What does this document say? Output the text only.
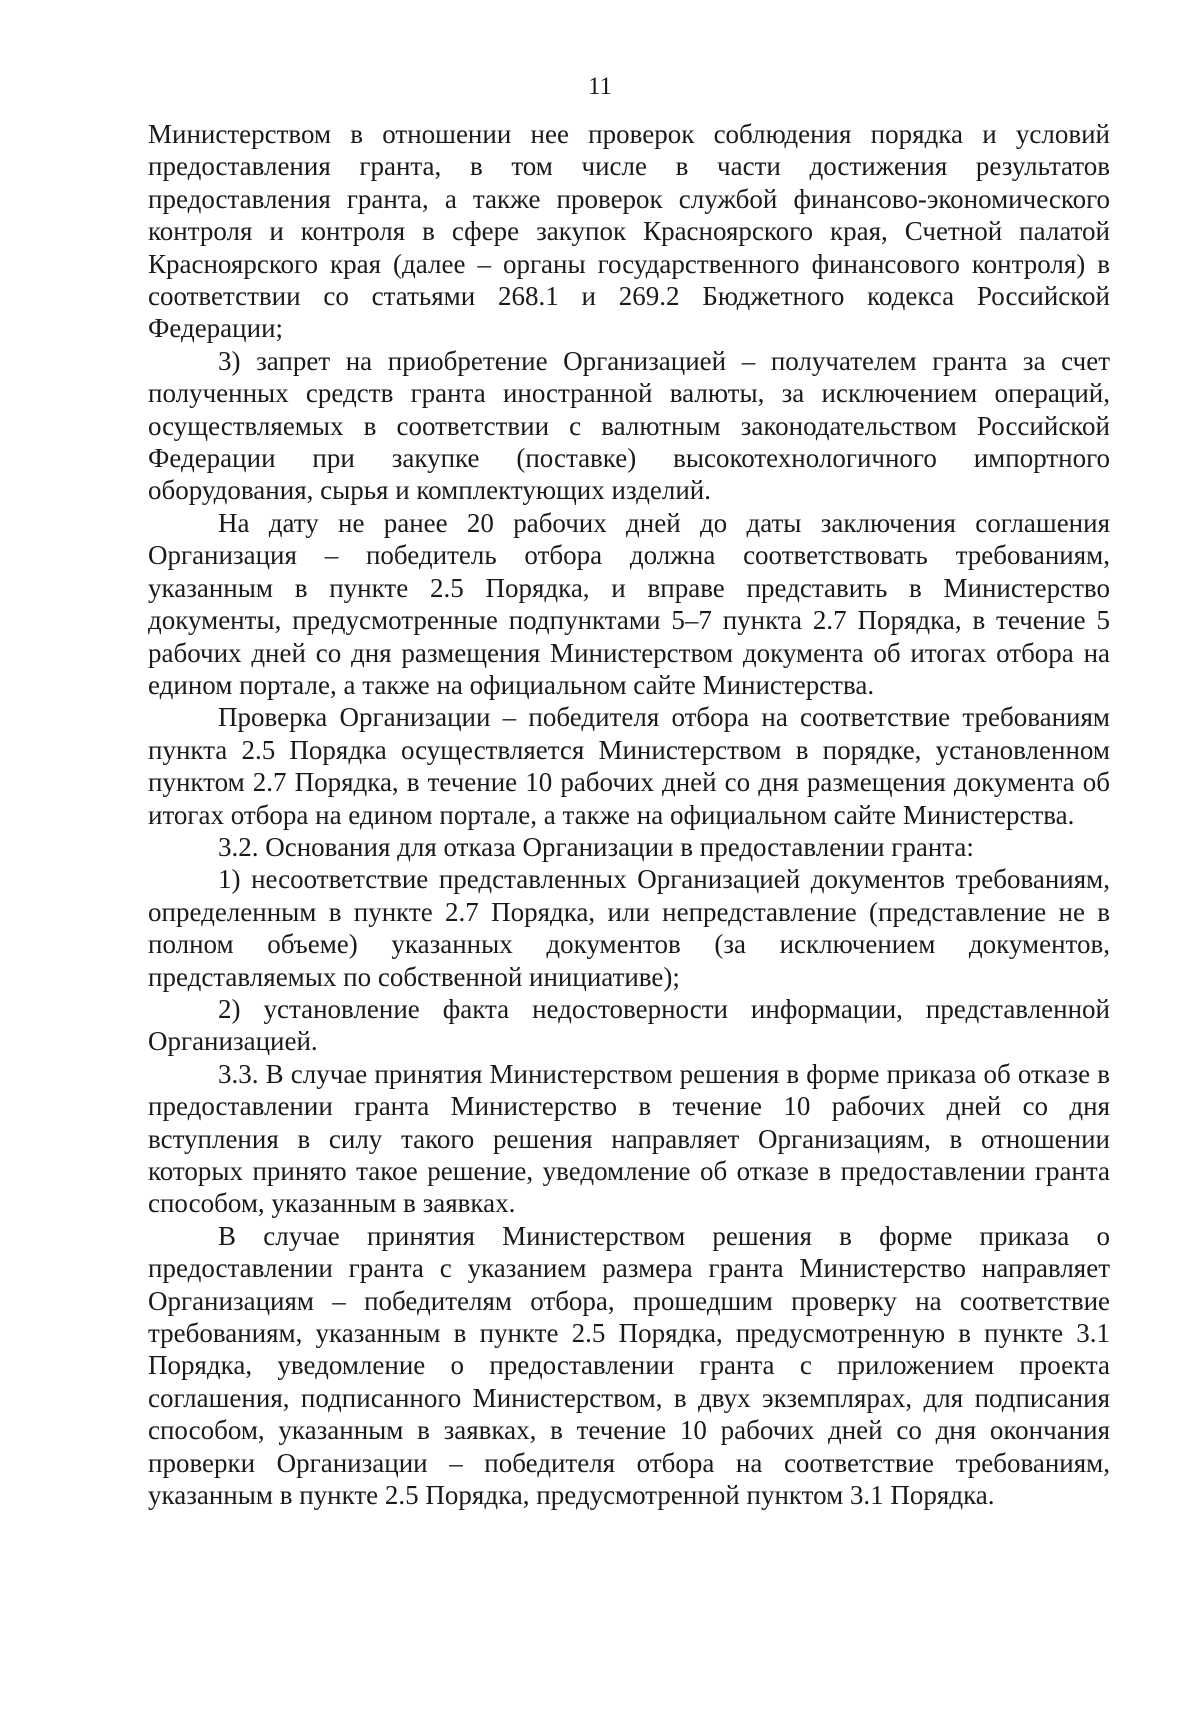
11

Министерством в отношении нее проверок соблюдения порядка и условий предоставления гранта, в том числе в части достижения результатов предоставления гранта, а также проверок службой финансово-экономического контроля и контроля в сфере закупок Красноярского края, Счетной палатой Красноярского края (далее – органы государственного финансового контроля) в соответствии со статьями 268.1 и 269.2 Бюджетного кодекса Российской Федерации;

3) запрет на приобретение Организацией – получателем гранта за счет полученных средств гранта иностранной валюты, за исключением операций, осуществляемых в соответствии с валютным законодательством Российской Федерации при закупке (поставке) высокотехнологичного импортного оборудования, сырья и комплектующих изделий.

На дату не ранее 20 рабочих дней до даты заключения соглашения Организация – победитель отбора должна соответствовать требованиям, указанным в пункте 2.5 Порядка, и вправе представить в Министерство документы, предусмотренные подпунктами 5–7 пункта 2.7 Порядка, в течение 5 рабочих дней со дня размещения Министерством документа об итогах отбора на едином портале, а также на официальном сайте Министерства.

Проверка Организации – победителя отбора на соответствие требованиям пункта 2.5 Порядка осуществляется Министерством в порядке, установленном пунктом 2.7 Порядка, в течение 10 рабочих дней со дня размещения документа об итогах отбора на едином портале, а также на официальном сайте Министерства.

3.2. Основания для отказа Организации в предоставлении гранта:

1) несоответствие представленных Организацией документов требованиям, определенным в пункте 2.7 Порядка, или непредставление (представление не в полном объеме) указанных документов (за исключением документов, представляемых по собственной инициативе);

2) установление факта недостоверности информации, представленной Организацией.

3.3. В случае принятия Министерством решения в форме приказа об отказе в предоставлении гранта Министерство в течение 10 рабочих дней со дня вступления в силу такого решения направляет Организациям, в отношении которых принято такое решение, уведомление об отказе в предоставлении гранта способом, указанным в заявках.

В случае принятия Министерством решения в форме приказа о предоставлении гранта с указанием размера гранта Министерство направляет Организациям – победителям отбора, прошедшим проверку на соответствие требованиям, указанным в пункте 2.5 Порядка, предусмотренную в пункте 3.1 Порядка, уведомление о предоставлении гранта с приложением проекта соглашения, подписанного Министерством, в двух экземплярах, для подписания способом, указанным в заявках, в течение 10 рабочих дней со дня окончания проверки Организации – победителя отбора на соответствие требованиям, указанным в пункте 2.5 Порядка, предусмотренной пунктом 3.1 Порядка.
